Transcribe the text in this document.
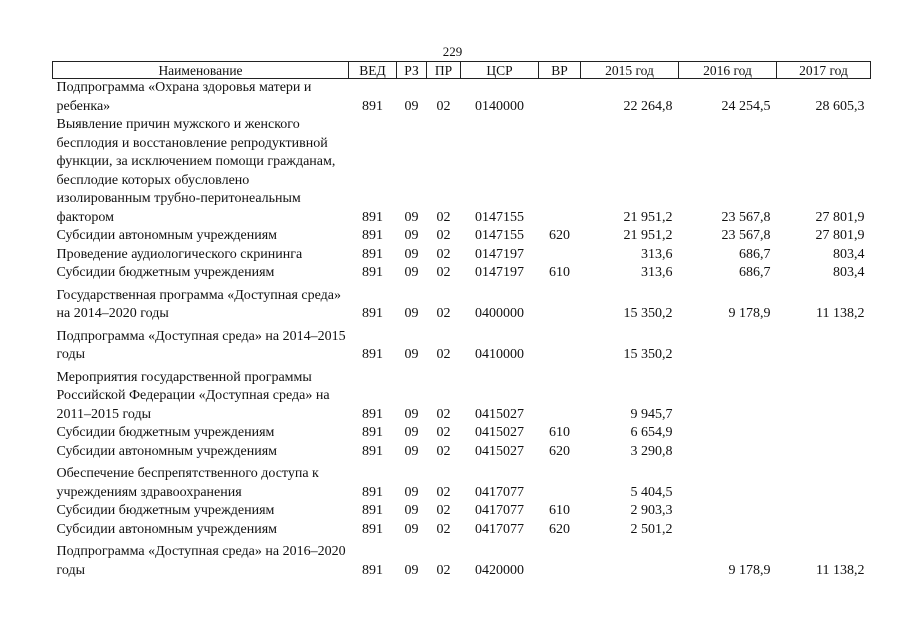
229
Наименование	ВЕД	РЗ	ПР	ЦСР	ВР	2015 год	2016 год	2017 год
Подпрограмма «Охрана здоровья матери и ребенка»	891	09	02	0140000		22 264,8	24 254,5	28 605,3
Выявление причин мужского и женского бесплодия и восстановление репродуктивной функции, за исключением помощи гражданам, бесплодие которых обусловлено изолированным трубно-перитонеальным фактором	891	09	02	0147155		21 951,2	23 567,8	27 801,9
Субсидии автономным учреждениям	891	09	02	0147155	620	21 951,2	23 567,8	27 801,9
Проведение аудиологического скрининга	891	09	02	0147197		313,6	686,7	803,4
Субсидии бюджетным учреждениям	891	09	02	0147197	610	313,6	686,7	803,4
Государственная программа «Доступная среда» на 2014–2020 годы	891	09	02	0400000		15 350,2	9 178,9	11 138,2
Подпрограмма «Доступная среда» на 2014–2015 годы	891	09	02	0410000		15 350,2		
Мероприятия государственной программы Российской Федерации «Доступная среда» на 2011–2015 годы	891	09	02	0415027		9 945,7		
Субсидии бюджетным учреждениям	891	09	02	0415027	610	6 654,9		
Субсидии автономным учреждениям	891	09	02	0415027	620	3 290,8		
Обеспечение беспрепятственного доступа к учреждениям здравоохранения	891	09	02	0417077		5 404,5		
Субсидии бюджетным учреждениям	891	09	02	0417077	610	2 903,3		
Субсидии автономным учреждениям	891	09	02	0417077	620	2 501,2		
Подпрограмма «Доступная среда» на 2016–2020 годы	891	09	02	0420000			9 178,9	11 138,2
